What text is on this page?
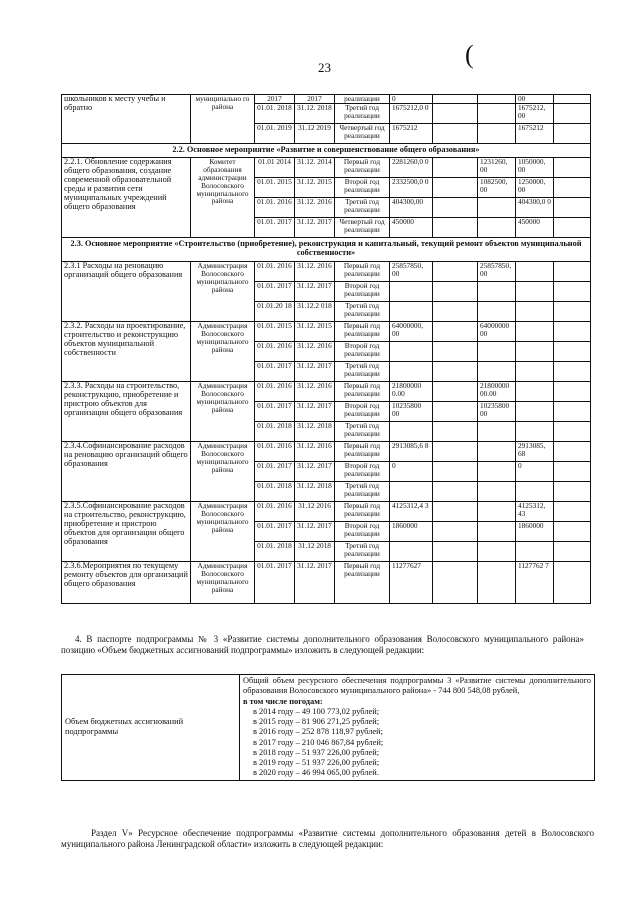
(
23
школьников к месту учебы и обратно	муниципально го района	2017	2017	реализации	0			00	
		01.01. 2018	31.12. 2018	Третий год реализации	1675212,0 0			1675212, 00	
		01.01. 2019	31.12 2019	Четвертый год реализации	1675212			1675212	
2.2. Основное мероприятие «Развитие и совершенствование общего образования»									
2.2.1. Обновление содержания общего образования, создание современной образовательной среды и развития сети муниципальных учреждений общего образования	Комитет образования администрации Волосовского муниципального района	01.01 2014	31.12. 2014	Первый год реализации	2281260,0 0		1231260, 00	1050000, 00	
		01.01. 2015	31.12. 2015	Второй год реализации	2332500,0 0		1082500, 00	1250000, 00	
		01.01. 2016	31.12. 2016	Третий год реализации	404300,00			404300,0 0	
		01.01. 2017	31.12. 2017	Четвертый год реализации	450000			450000	
2.3. Основное мероприятие «Строительство (приобретение), реконструкция и капитальный, текущий ремонт объектов муниципальной собственности»									
2.3.1 Расходы на реновацию организаций общего образования	Администрация Волосовского муниципального района	01.01. 2016	31.12. 2016	Первый год реализации	25857850, 00		25857850, 00		
		01.01. 2017	31.12. 2017	Второй год реализации					
		01.01.20 18	31.12.2 018	Третий год реализации					
2.3.2. Расходы на проектирование, строительство и реконструкцию объектов муниципальной собственности	Администрация Волосовского муниципального района	01.01. 2015	31.12. 2015	Первый год реализации	64000000, 00		64000000 00		
		01.01. 2016	31.12. 2016	Второй год реализации					
		01.01. 2017	31.12. 2017	Третий год реализации					
2.3.3. Расходы на строительство, реконструкцию, приобретение и пристрою объектов для организации общего образования	Администрация Волосовского муниципального района	01.01. 2016	31.12. 2016	Первый год реализации	21800000 0.00		21800000 00.00		
		01.01. 2017	31.12. 2017	Второй год реализации	10235800 00		10235800 00		
		01.01. 2018	31.12. 2018	Третий год реализации					
2.3.4.Софинансирование расходов на реновацию организаций общего образования	Администрация Волосовского муниципального района	01.01. 2016	31.12. 2016	Первый год реализации	2913085,6 8			2913085, 68	
		01.01. 2017	31.12. 2017	Второй год реализации	0			0	
		01.01. 2018	31.12. 2018	Третий год реализации					
2.3.5.Софинансирование расходов на строительство, реконструкцию, приобретение и пристрою объектов для организации общего образования	Администрация Волосовского муниципального района	01.01. 2016	31.12 2016	Первый год реализации	4125312,4 3			4125312, 43	
		01.01. 2017	31.12. 2017	Второй год реализации	1860000			1860000	
		01.01. 2018	31.12 2018	Третий год реализации					
2.3.6.Мероприятия по текущему ремонту объектов для организаций общего образования	Администрация Волосовского муниципального района	01.01. 2017	31.12. 2017	Первый год реализации	11277627			1127762 7	
4. В паспорте подпрограммы № 3 «Развитие системы дополнительного образования Волосовского муниципального района» позицию «Объем бюджетных ассигнований подпрограммы» изложить в следующей редакции:
Объем бюджетных ассигнований подпрограммы	
Общий объем ресурсного обеспечения подпрограммы 3 «Развитие системы дополнительного образования Волосовского муниципального района» - 744 800 548,08 рублей,
в том числе погодам:
в 2014 году – 49 100 773,02 рублей;
в 2015 году – 81 906 271,25 рублей;
в 2016 году – 252 878 118,97 рублей;
в 2017 году – 210 046 867,84 рублей;
в 2018 году – 51 937 226,00 рублей;
в 2019 году – 51 937 226,00 рублей;
в 2020 году – 46 994 065,00 рублей.
Раздел V» Ресурсное обеспечение подпрограммы «Развитие системы дополнительного образования детей в Волосовского муниципального района Ленинградской области» изложить в следующей редакции:
